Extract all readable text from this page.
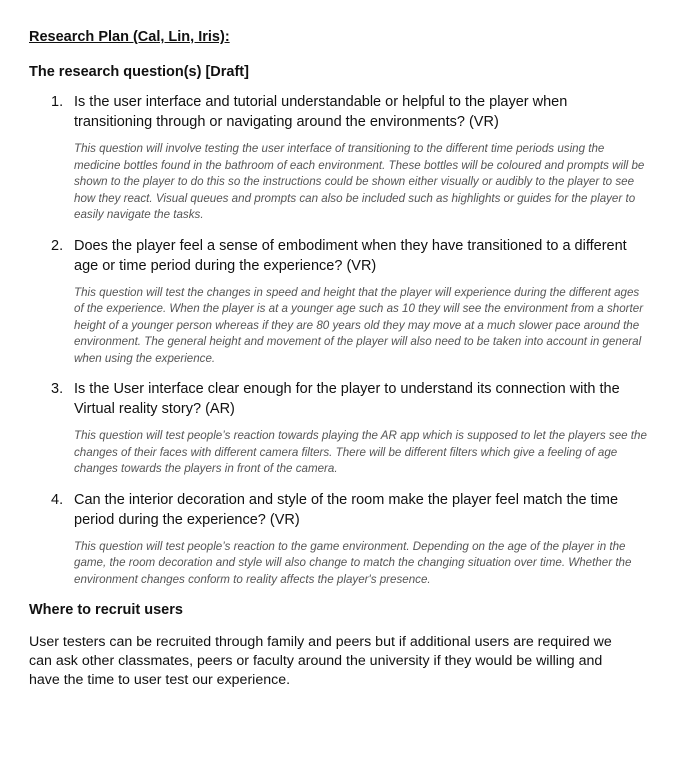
Research Plan (Cal, Lin, Iris):

The research question(s) [Draft]

1. Is the user interface and tutorial understandable or helpful to the player when transitioning through or navigating around the environments? (VR)

This question will involve testing the user interface of transitioning to the different time periods using the medicine bottles found in the bathroom of each environment. These bottles will be coloured and prompts will be shown to the player to do this so the instructions could be shown either visually or audibly to the player to see how they react. Visual queues and prompts can also be included such as highlights or guides for the player to easily navigate the tasks.

2. Does the player feel a sense of embodiment when they have transitioned to a different age or time period during the experience? (VR)

This question will test the changes in speed and height that the player will experience during the different ages of the experience. When the player is at a younger age such as 10 they will see the environment from a shorter height of a younger person whereas if they are 80 years old they may move at a much slower pace around the environment. The general height and movement of the player will also need to be taken into account in general when using the experience.

3. Is the User interface clear enough for the player to understand its connection with the Virtual reality story? (AR)

This question will test people’s reaction towards playing the AR app which is supposed to let the players see the changes of their faces with different camera filters. There will be different filters which give a feeling of age changes towards the players in front of the camera.

4. Can the interior decoration and style of the room make the player feel match the time period during the experience? (VR)

This question will test people’s reaction to the game environment. Depending on the age of the player in the game, the room decoration and style will also change to match the changing situation over time. Whether the environment changes conform to reality affects the player's presence.

Where to recruit users

User testers can be recruited through family and peers but if additional users are required we can ask other classmates, peers or faculty around the university if they would be willing and have the time to user test our experience.
